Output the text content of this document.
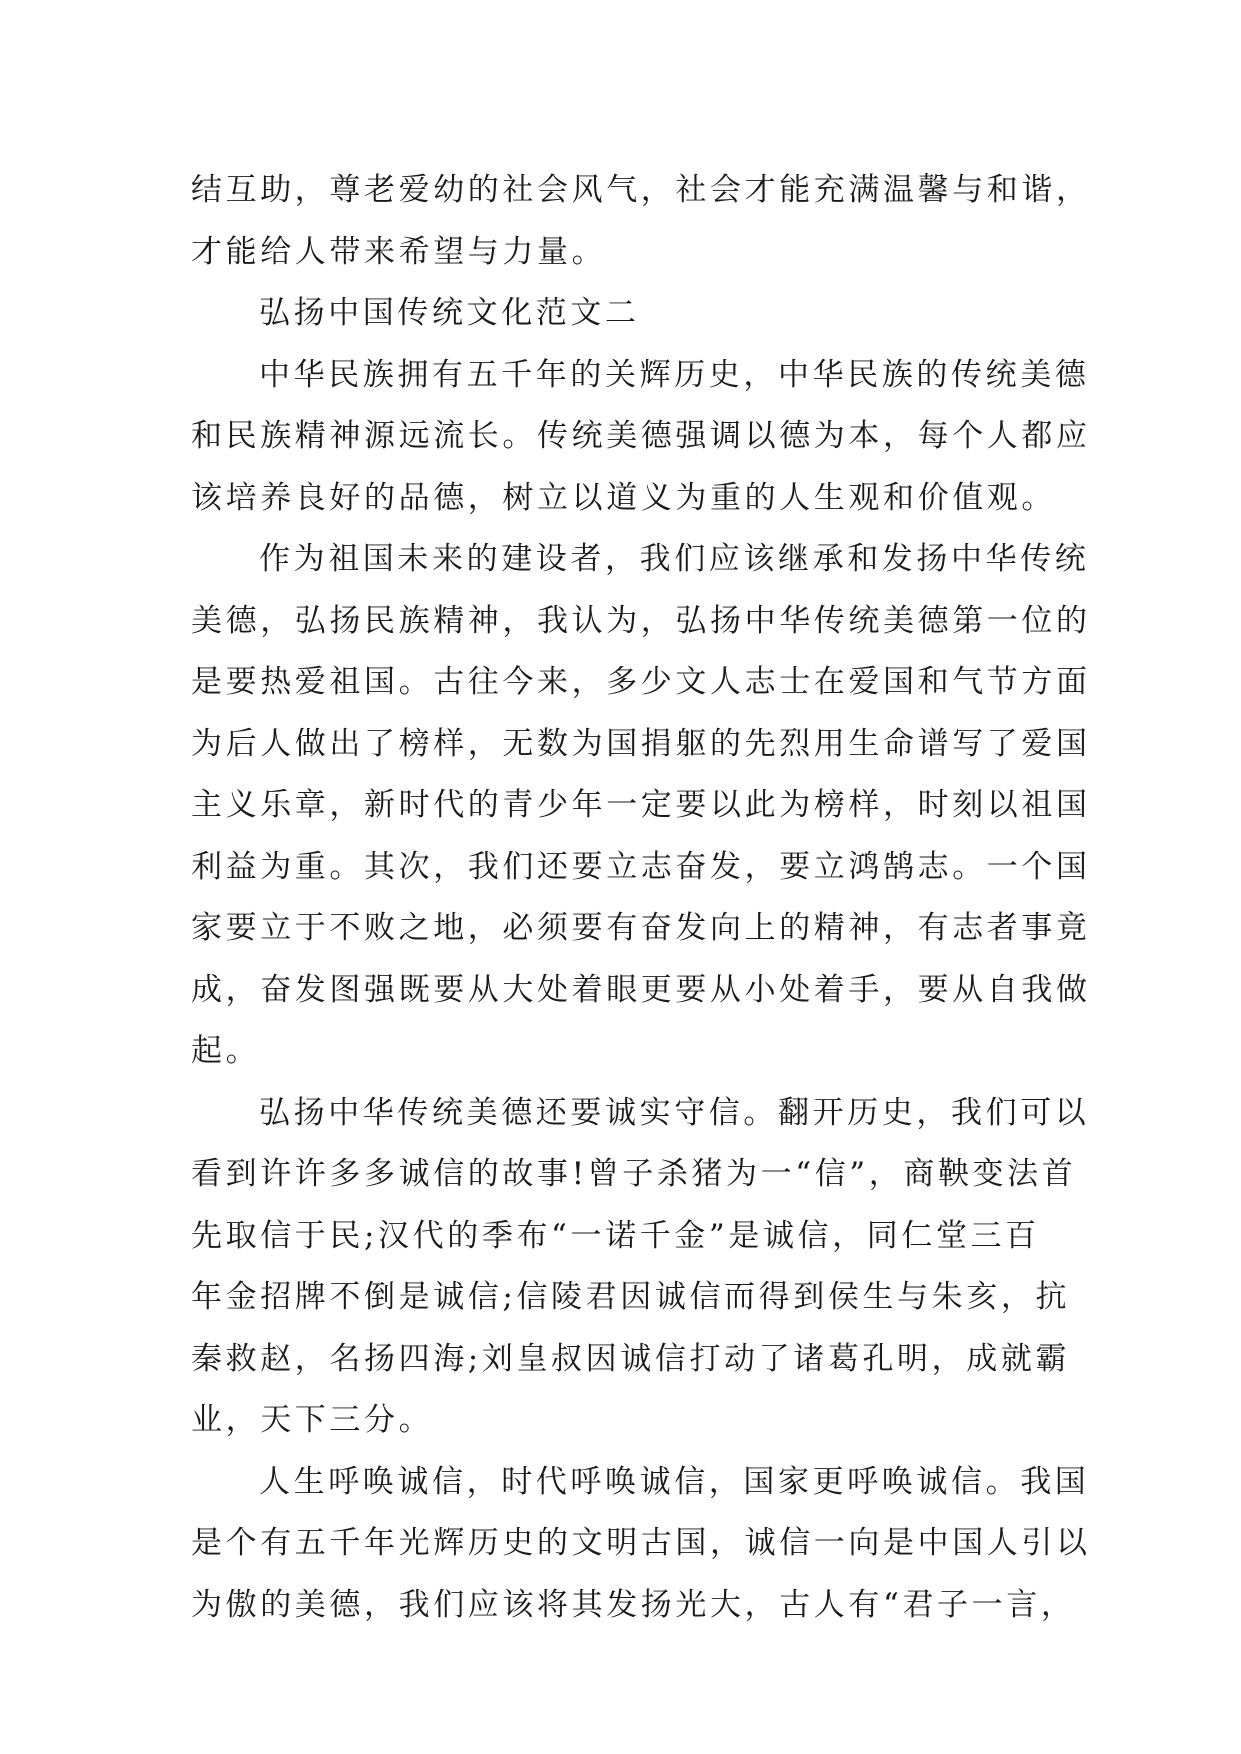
结互助，尊老爱幼的社会风气，社会才能充满温馨与和谐，
才能给人带来希望与力量。
弘扬中国传统文化范文二
中华民族拥有五千年的关辉历史，中华民族的传统美德
和民族精神源远流长。传统美德强调以德为本，每个人都应
该培养良好的品德，树立以道义为重的人生观和价值观。
作为祖国未来的建设者，我们应该继承和发扬中华传统
美德，弘扬民族精神，我认为，弘扬中华传统美德第一位的
是要热爱祖国。古往今来，多少文人志士在爱国和气节方面
为后人做出了榜样，无数为国捐躯的先烈用生命谱写了爱国
主义乐章，新时代的青少年一定要以此为榜样，时刻以祖国
利益为重。其次，我们还要立志奋发，要立鸿鹄志。一个国
家要立于不败之地，必须要有奋发向上的精神，有志者事竟
成，奋发图强既要从大处着眼更要从小处着手，要从自我做
起。
弘扬中华传统美德还要诚实守信。翻开历史，我们可以
看到许许多多诚信的故事!曾子杀猪为一“信”，商鞅变法首
先取信于民;汉代的季布“一诺千金”是诚信，同仁堂三百
年金招牌不倒是诚信;信陵君因诚信而得到侯生与朱亥，抗
秦救赵，名扬四海;刘皇叔因诚信打动了诸葛孔明，成就霸
业，天下三分。
人生呼唤诚信，时代呼唤诚信，国家更呼唤诚信。我国
是个有五千年光辉历史的文明古国，诚信一向是中国人引以
为傲的美德，我们应该将其发扬光大，古人有“君子一言，
